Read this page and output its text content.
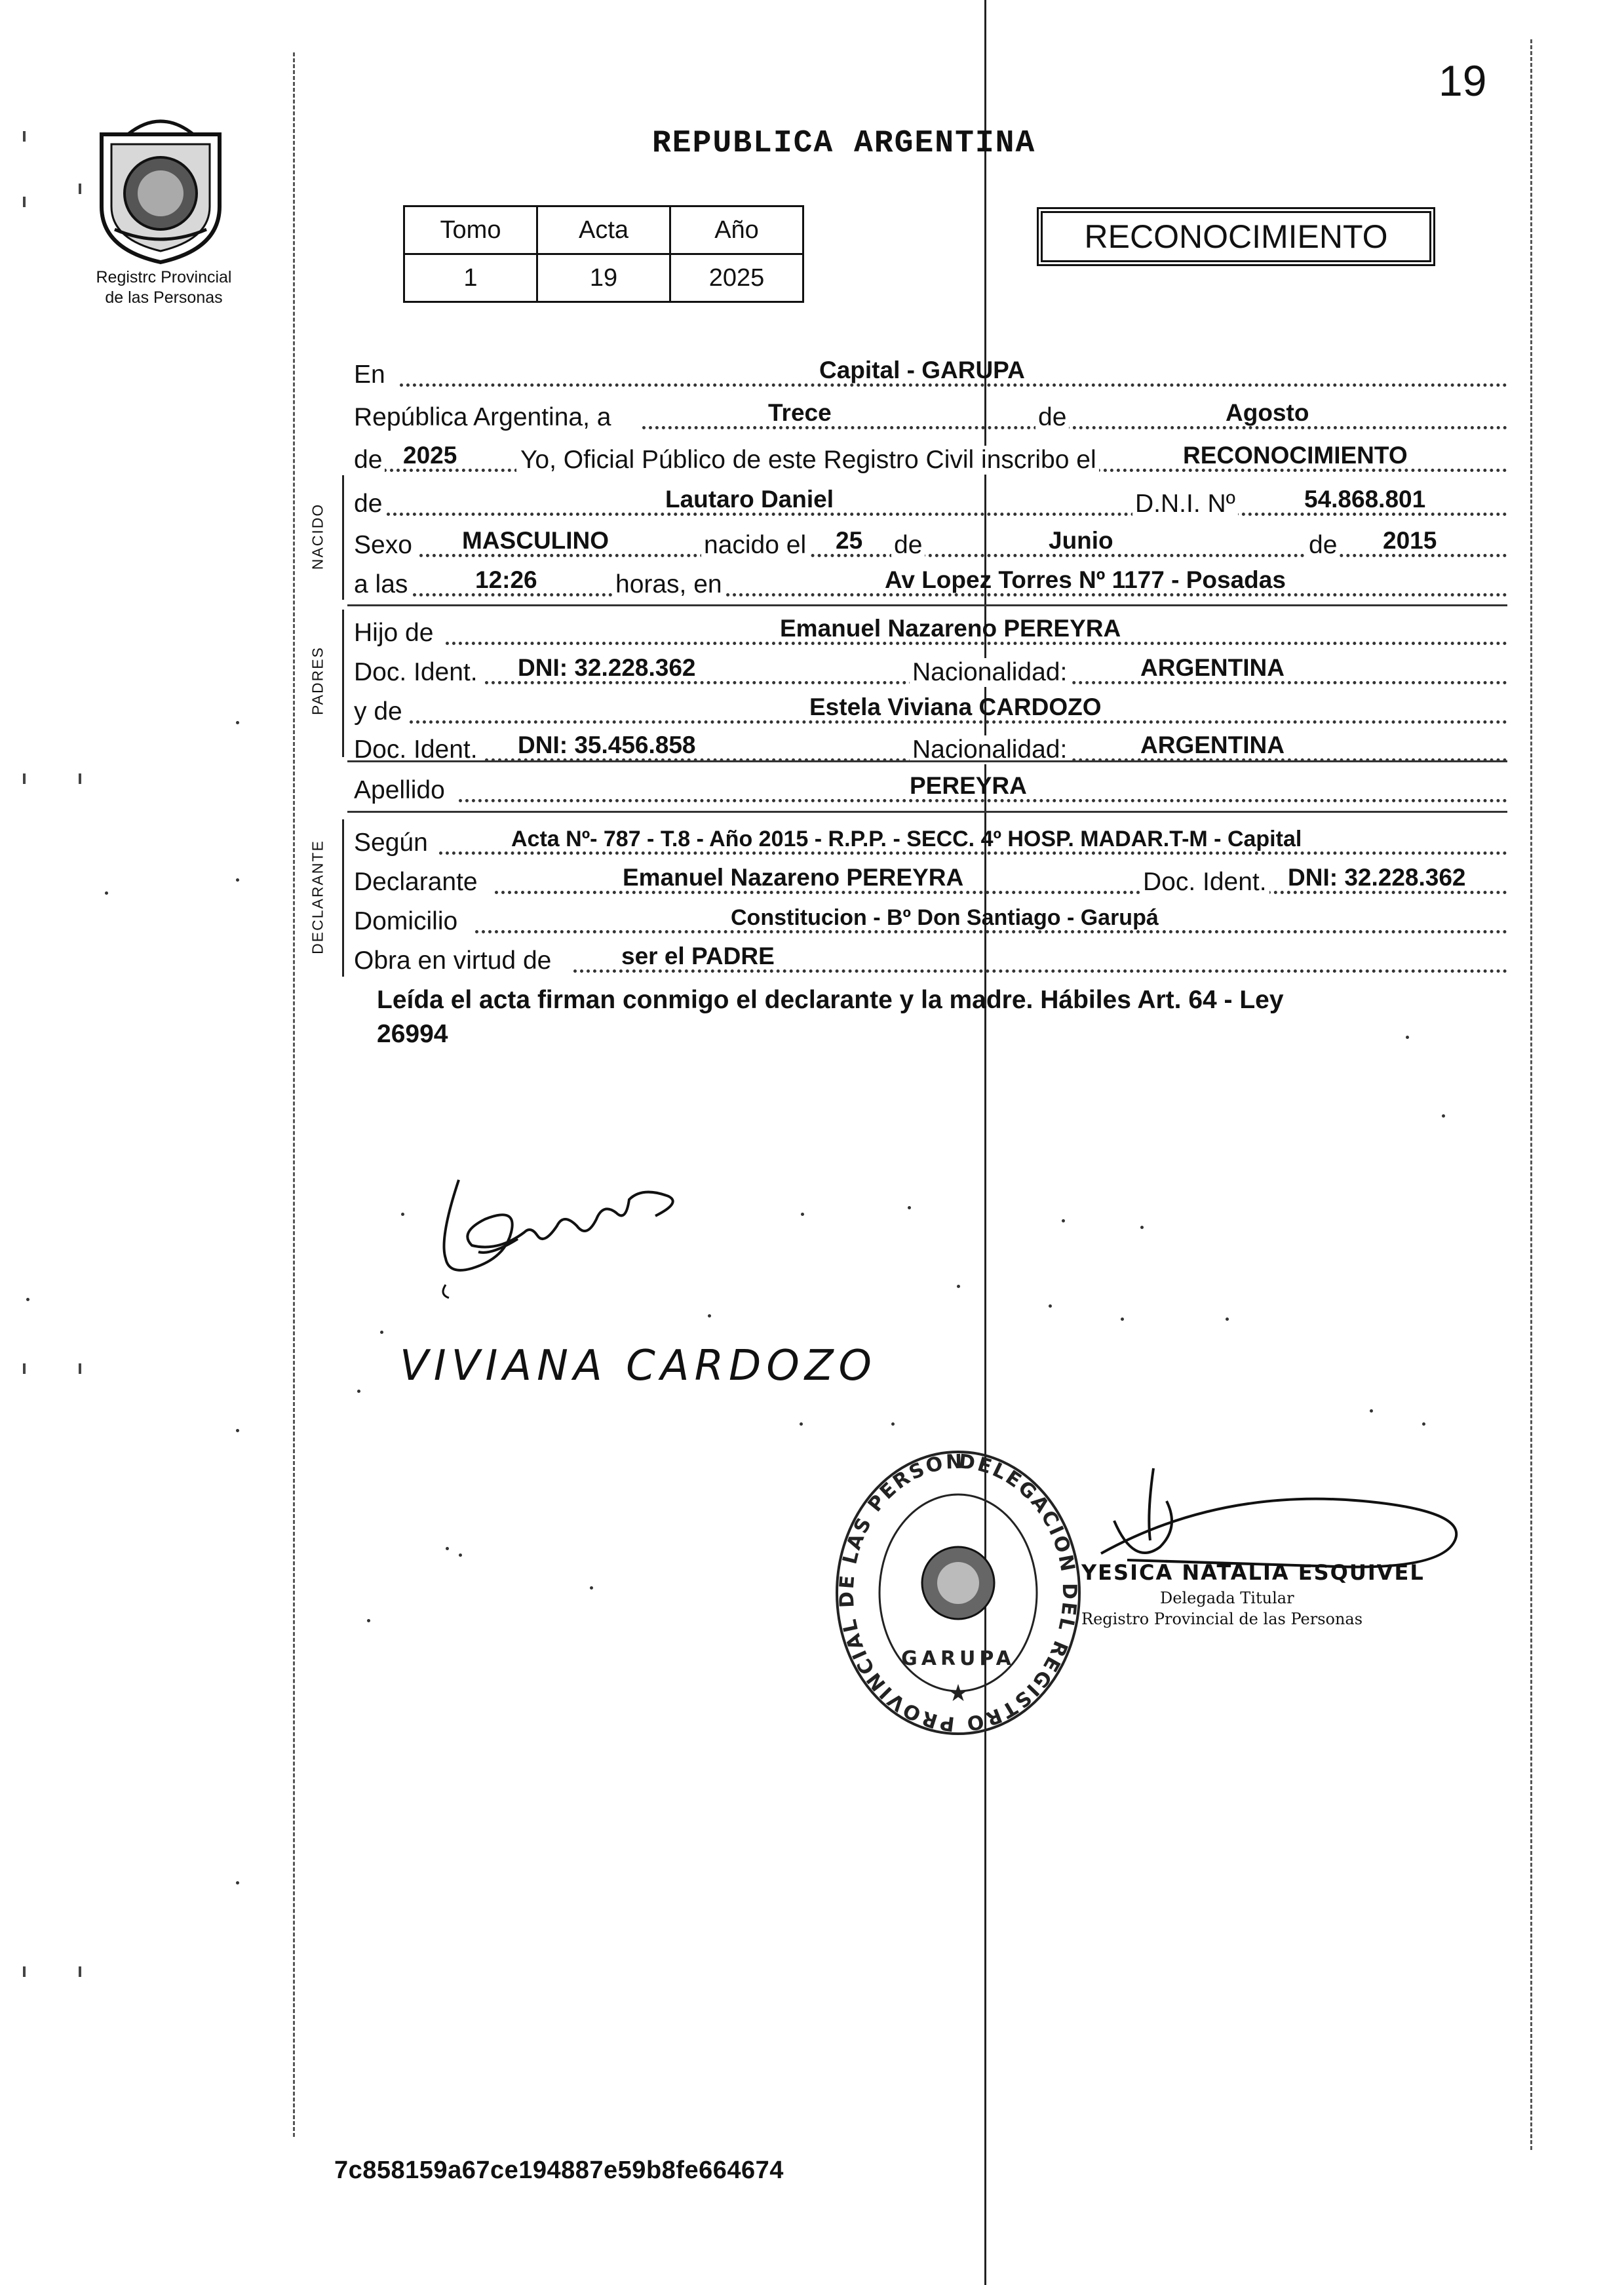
19
Registrc Provincial
de las Personas
REPUBLICA ARGENTINA
Tomo	Acta	Año
1	19	2025
RECONOCIMIENTO
En	Capital - GARUPA
República Argentina, a	Trece	de	Agosto
de 2025 Yo, Oficial Público de este Registro Civil inscribo el	RECONOCIMIENTO
NACIDO de	Lautaro Daniel	D.N.I. Nº	54.868.801
Sexo MASCULINO	nacido el 25 de	Junio	de 2015
a las	12:26	horas, en	Av Lopez Torres Nº 1177 - Posadas
PADRES
Hijo de	Emanuel Nazareno PEREYRA
Doc. Ident. DNI: 32.228.362	Nacionalidad:	ARGENTINA
y de	Estela Viviana CARDOZO
Doc. Ident. DNI: 35.456.858	Nacionalidad:	ARGENTINA
Apellido	PEREYRA
DECLARANTE Según	Acta Nº- 787 - T.8 - Año 2015 - R.P.P. - SECC. 4º HOSP. MADAR.T-M - Capital
Declarante	Emanuel Nazareno PEREYRA	Doc. Ident. DNI: 32.228.362
Domicilio	Constitucion - Bº Don Santiago - Garupá
Obra en virtud de	ser el PADRE
Leída el acta firman conmigo el declarante y la madre. Hábiles Art. 64 - Ley
26994
VIVIANA CARDOZO
DELEGACION DEL REGISTRO PROVINCIAL DE LAS PERSON
GARUPA
★
YESICA NATALIA ESQUIVEL
Delegada Titular
Registro Provincial de las Personas
7c858159a67ce194887e59b8fe664674
